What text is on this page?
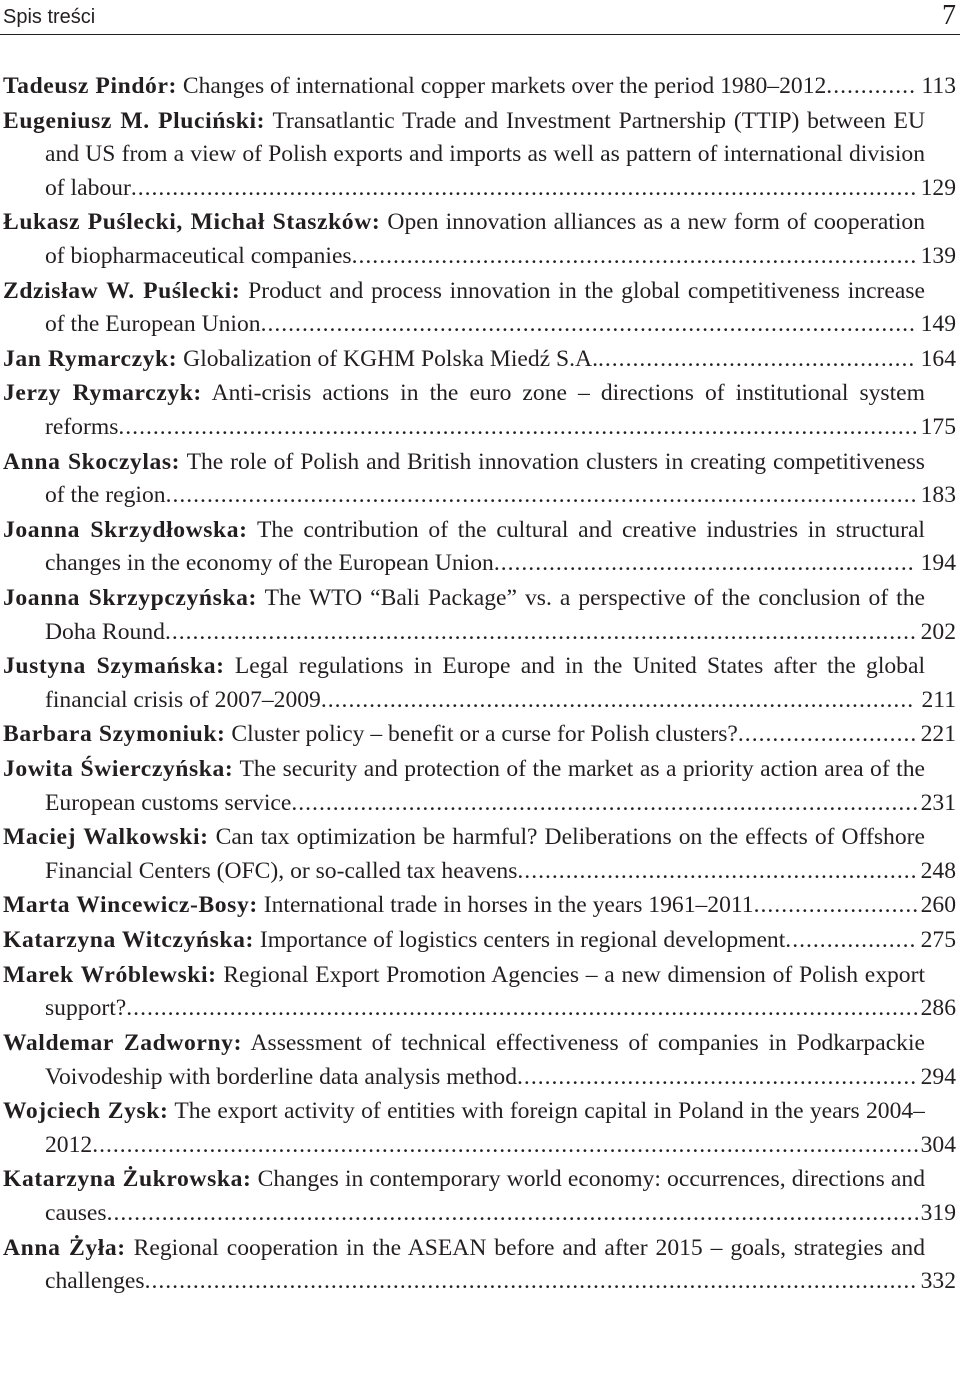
Spis treści	7
Tadeusz Pindór: Changes of international copper markets over the period 1980–2012............. 113
Eugeniusz M. Pluciński: Transatlantic Trade and Investment Partnership (TTIP) between EU and US from a view of Polish exports and imports as well as pattern of international division of labour.................................................................................................................. 129
Łukasz Puślecki, Michał Staszków: Open innovation alliances as a new form of cooperation of biopharmaceutical companies.................................................................................. 139
Zdzisław W. Puślecki: Product and process innovation in the global competitiveness increase of the European Union............................................................................................... 149
Jan Rymarczyk: Globalization of KGHM Polska Miedź S.A............................................... 164
Jerzy Rymarczyk: Anti-crisis actions in the euro zone – directions of institutional system reforms.................................................................................................................... 175
Anna Skoczylas: The role of Polish and British innovation clusters in creating competitiveness of the region............................................................................................................. 183
Joanna Skrzydłowska: The contribution of the cultural and creative industries in structural changes in the economy of the European Union............................................................. 194
Joanna Skrzypczyńska: The WTO “Bali Package” vs. a perspective of the conclusion of the Doha Round............................................................................................................. 202
Justyna Szymańska: Legal regulations in Europe and in the United States after the global financial crisis of 2007–2009...................................................................................... 211
Barbara Szymoniuk: Cluster policy – benefit or a curse for Polish clusters?.......................... 221
Jowita Świerczyńska: The security and protection of the market as a priority action area of the European customs service........................................................................................... 231
Maciej Walkowski: Can tax optimization be harmful? Deliberations on the effects of Offshore Financial Centers (OFC), or so-called tax heavens.......................................................... 248
Marta Wincewicz-Bosy: International trade in horses in the years 1961–2011........................ 260
Katarzyna Witczyńska: Importance of logistics centers in regional development................... 275
Marek Wróblewski: Regional Export Promotion Agencies – a new dimension of Polish export support?................................................................................................................... 286
Waldemar Zadworny: Assessment of technical effectiveness of companies in Podkarpackie Voivodeship with borderline data analysis method.......................................................... 294
Wojciech Zysk: The export activity of entities with foreign capital in Poland in the years 2004–2012........................................................................................................................ 304
Katarzyna Żukrowska: Changes in contemporary world economy: occurrences, directions and causes...................................................................................................................... 319
Anna Żyła: Regional cooperation in the ASEAN before and after 2015 – goals, strategies and challenges................................................................................................................ 332
